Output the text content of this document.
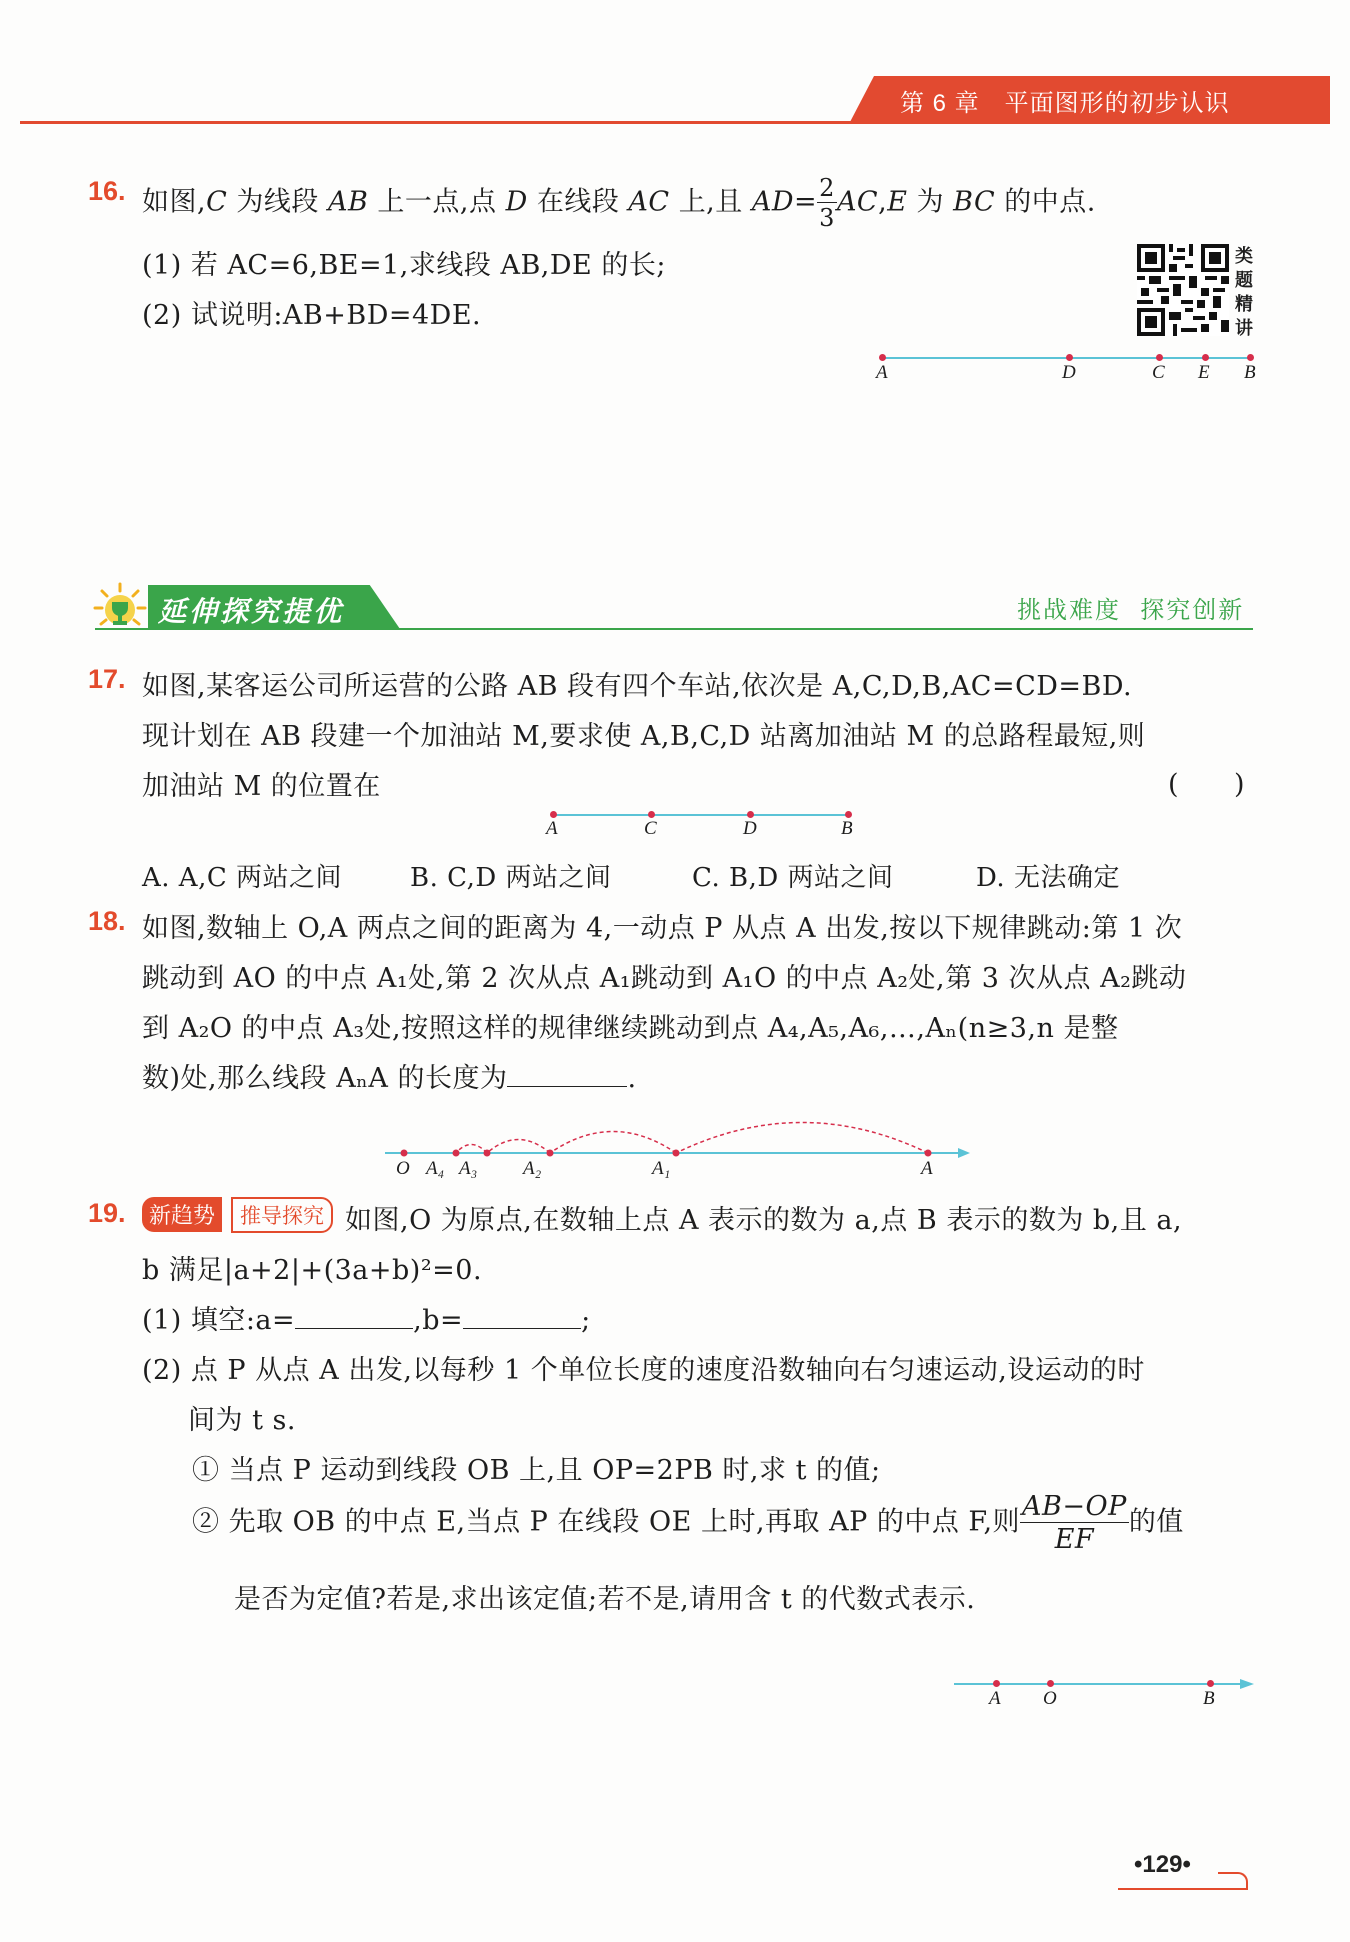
第 6 章　平面图形的初步认识
16. 如图,C 为线段 AB 上一点,点 D 在线段 AC 上,且 $AD= \frac{2}{3} AC,E$ 为 BC 的中点.
(1) 若 AC=6,BE=1,求线段 AB,DE 的长;
(2) 试说明:AB+BD=4DE.
类
题
精
讲
A	D	C E B
延伸探究提优	挑战难度  探究创新
17. 如图,某客运公司所运营的公路 AB 段有四个车站,依次是 A,C,D,B,AC=CD=BD.
现计划在 AB 段建一个加油站 M,要求使 A,B,C,D 站离加油站 M 的总路程最短,则
加油站 M 的位置在	(　　)
A	C	D	B
A. A,C 两站之间	B. C,D 两站之间	C. B,D 两站之间	D. 无法确定
18. 如图,数轴上 O,A 两点之间的距离为 4,一动点 P 从点 A 出发,按以下规律跳动:第 1 次
跳动到 AO 的中点 A₁处,第 2 次从点 A₁跳动到 A₁O 的中点 A₂处,第 3 次从点 A₂跳动
到 A₂O 的中点 A₃处,按照这样的规律继续跳动到点 A₄,A₅,A₆,…,Aₙ(n≥3,n 是整
数)处,那么线段 AₙA 的长度为	.
O A₄ A₃ A₂	A₁	A
19.	新趋势	推导探究 如图,O 为原点,在数轴上点 A 表示的数为 a,点 B 表示的数为 b,且 a,
b 满足|a+2|+(3a+b)²=0.
(1) 填空:a=	,b=	;
(2) 点 P 从点 A 出发,以每秒 1 个单位长度的速度沿数轴向右匀速运动,设运动的时
间为 t s.
① 当点 P 运动到线段 OB 上,且 OP=2PB 时,求 t 的值;
② 先取 OB 的中点 E,当点 P 在线段 OE 上时,再取 AP 的中点 F,则 $\frac{AB-OP}{EF}$ 的值
是否为定值?若是,求出该定值;若不是,请用含 t 的代数式表示.
A O	B
•129•
